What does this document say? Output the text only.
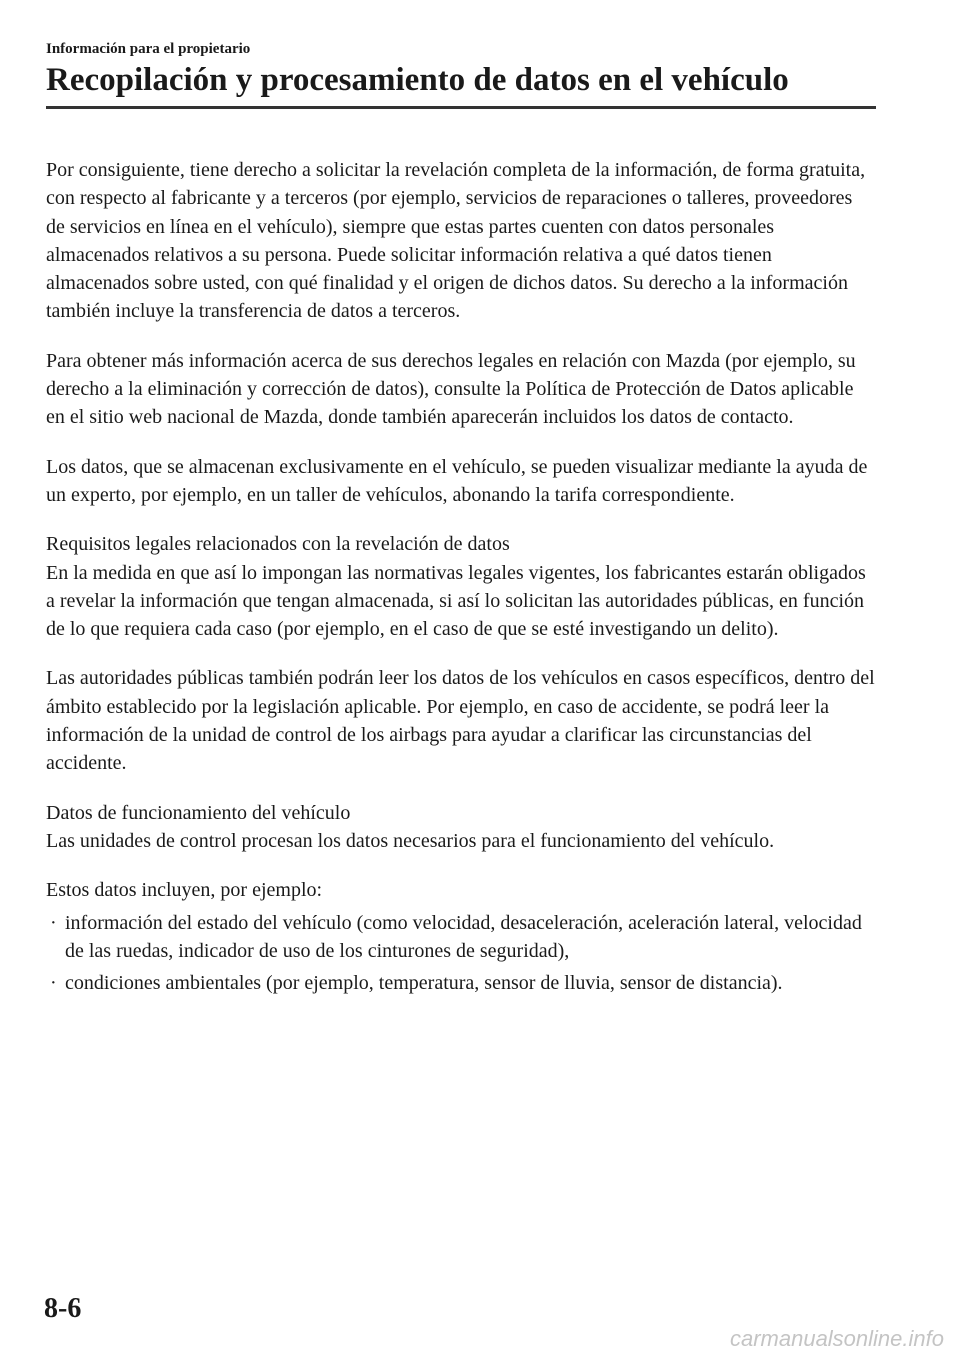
Información para el propietario
Recopilación y procesamiento de datos en el vehículo

Por consiguiente, tiene derecho a solicitar la revelación completa de la información, de forma gratuita, con respecto al fabricante y a terceros (por ejemplo, servicios de reparaciones o talleres, proveedores de servicios en línea en el vehículo), siempre que estas partes cuenten con datos personales almacenados relativos a su persona. Puede solicitar información relativa a qué datos tienen almacenados sobre usted, con qué finalidad y el origen de dichos datos. Su derecho a la información también incluye la transferencia de datos a terceros.

Para obtener más información acerca de sus derechos legales en relación con Mazda (por ejemplo, su derecho a la eliminación y corrección de datos), consulte la Política de Protección de Datos aplicable en el sitio web nacional de Mazda, donde también aparecerán incluidos los datos de contacto.

Los datos, que se almacenan exclusivamente en el vehículo, se pueden visualizar mediante la ayuda de un experto, por ejemplo, en un taller de vehículos, abonando la tarifa correspondiente.

Requisitos legales relacionados con la revelación de datos

En la medida en que así lo impongan las normativas legales vigentes, los fabricantes estarán obligados a revelar la información que tengan almacenada, si así lo solicitan las autoridades públicas, en función de lo que requiera cada caso (por ejemplo, en el caso de que se esté investigando un delito).

Las autoridades públicas también podrán leer los datos de los vehículos en casos específicos, dentro del ámbito establecido por la legislación aplicable. Por ejemplo, en caso de accidente, se podrá leer la información de la unidad de control de los airbags para ayudar a clarificar las circunstancias del accidente.

Datos de funcionamiento del vehículo

Las unidades de control procesan los datos necesarios para el funcionamiento del vehículo.

Estos datos incluyen, por ejemplo:

· información del estado del vehículo (como velocidad, desaceleración, aceleración lateral, velocidad de las ruedas, indicador de uso de los cinturones de seguridad),
· condiciones ambientales (por ejemplo, temperatura, sensor de lluvia, sensor de distancia).
8-6
carmanualsonline.info
